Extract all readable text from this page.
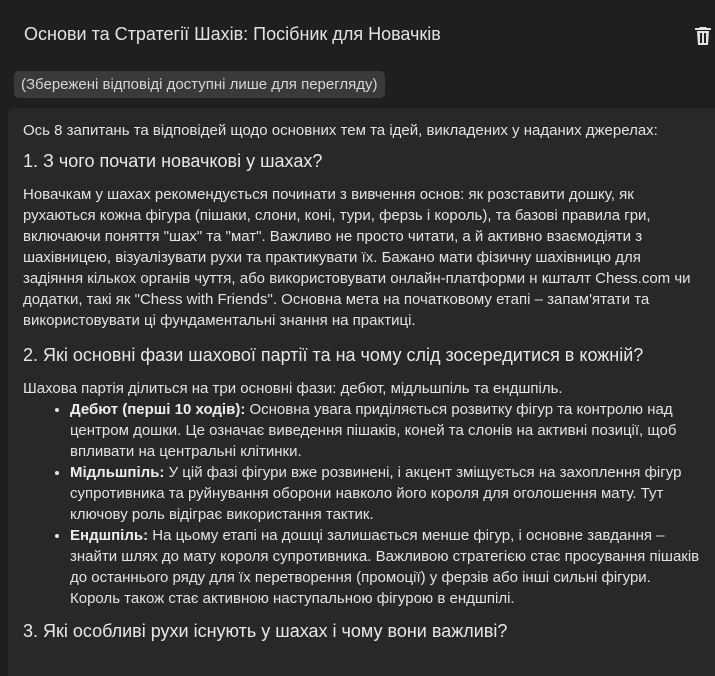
Основи та Стратегії Шахів: Посібник для Новачків
(Збережені відповіді доступні лише для перегляду)

Ось 8 запитань та відповідей щодо основних тем та ідей, викладених у наданих джерелах:

1. З чого почати новачкові у шахах?

Новачкам у шахах рекомендується починати з вивчення основ: як розставити дошку, як рухаються кожна фігура (пішаки, слони, коні, тури, ферзь і король), та базові правила гри, включаючи поняття "шах" та "мат". Важливо не просто читати, а й активно взаємодіяти з шахівницею, візуалізувати рухи та практикувати їх. Бажано мати фізичну шахівницю для задіяння кількох органів чуття, або використовувати онлайн-платформи н кшталт Chess.com чи додатки, такі як "Chess with Friends". Основна мета на початковому етапі – запам'ятати та використовувати ці фундаментальні знання на практиці.

2. Які основні фази шахової партії та на чому слід зосередитися в кожній?

Шахова партія ділиться на три основні фази: дебют, мідльшпіль та ендшпіль.

• Дебют (перші 10 ходів): Основна увага приділяється розвитку фігур та контролю над центром дошки. Це означає виведення пішаків, коней та слонів на активні позиції, щоб впливати на центральні клітинки.
• Мідльшпіль: У цій фазі фігури вже розвинені, і акцент зміщується на захоплення фігур супротивника та руйнування оборони навколо його короля для оголошення мату. Тут ключову роль відіграє використання тактик.
• Ендшпіль: На цьому етапі на дошці залишається менше фігур, і основне завдання – знайти шлях до мату короля супротивника. Важливою стратегією стає просування пішаків до останнього ряду для їх перетворення (промоції) у ферзів або інші сильні фігури. Король також стає активною наступальною фігурою в ендшпілі.
3. Які особливі рухи існують у шахах і чому вони важливі?
